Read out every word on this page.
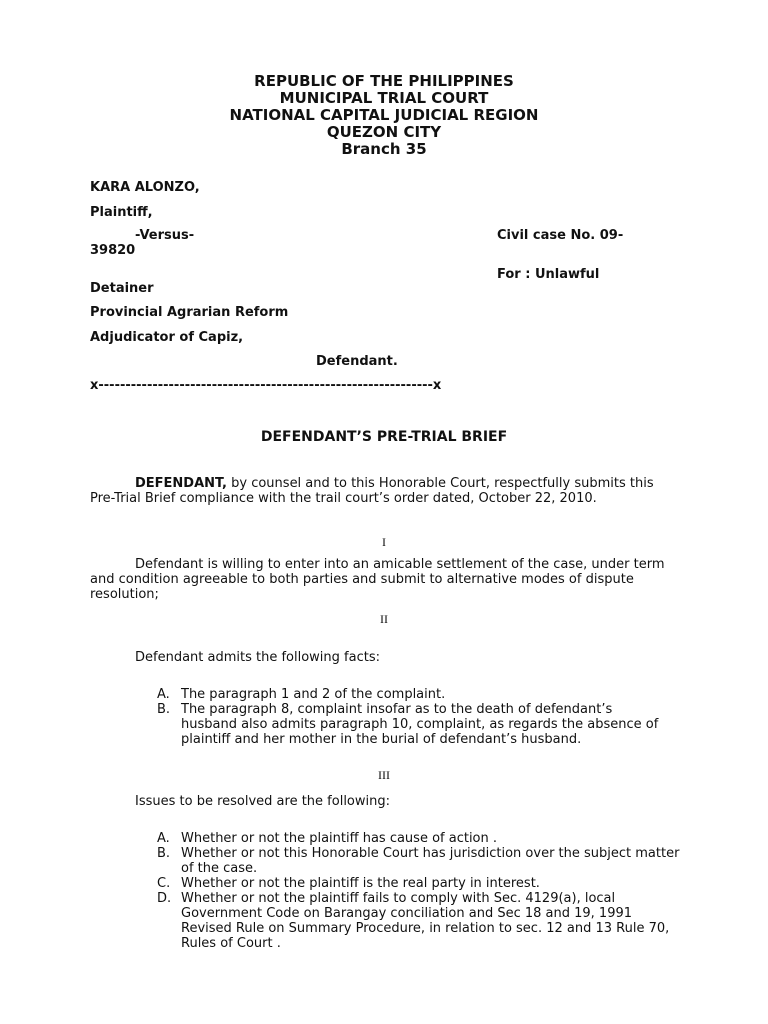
REPUBLIC OF THE PHILIPPINES
MUNICIPAL TRIAL COURT
NATIONAL CAPITAL JUDICIAL REGION
QUEZON CITY
Branch 35
KARA ALONZO,
Plaintiff,
-Versus-	Civil case No. 09-
39820
For : Unlawful
Detainer
Provincial Agrarian Reform
Adjudicator of Capiz,
Defendant.
x--------------------------------------------------------------x
DEFENDANT’S PRE-TRIAL BRIEF
DEFENDANT, by counsel and to this Honorable Court, respectfully submits this Pre-Trial Brief compliance with the trail court’s order dated, October 22, 2010.
I
Defendant is willing to enter into an amicable settlement of the case, under term and condition agreeable to both parties and submit to alternative modes of dispute resolution;
II
Defendant admits the following facts:
A. The paragraph 1 and 2 of the complaint.
B. The paragraph 8, complaint insofar as to the death of defendant’s husband also admits paragraph 10, complaint, as regards the absence of plaintiff and her mother in the burial of defendant’s husband.
III
Issues to be resolved are the following:
A. Whether or not the plaintiff has cause of action .
B. Whether or not this Honorable Court has jurisdiction over the subject matter of the case.
C. Whether or not the plaintiff is the real party in interest.
D. Whether or not the plaintiff fails to comply with Sec. 4129(a), local Government Code on Barangay conciliation and Sec 18 and 19, 1991 Revised Rule on Summary Procedure, in relation to sec. 12 and 13 Rule 70, Rules of Court .
